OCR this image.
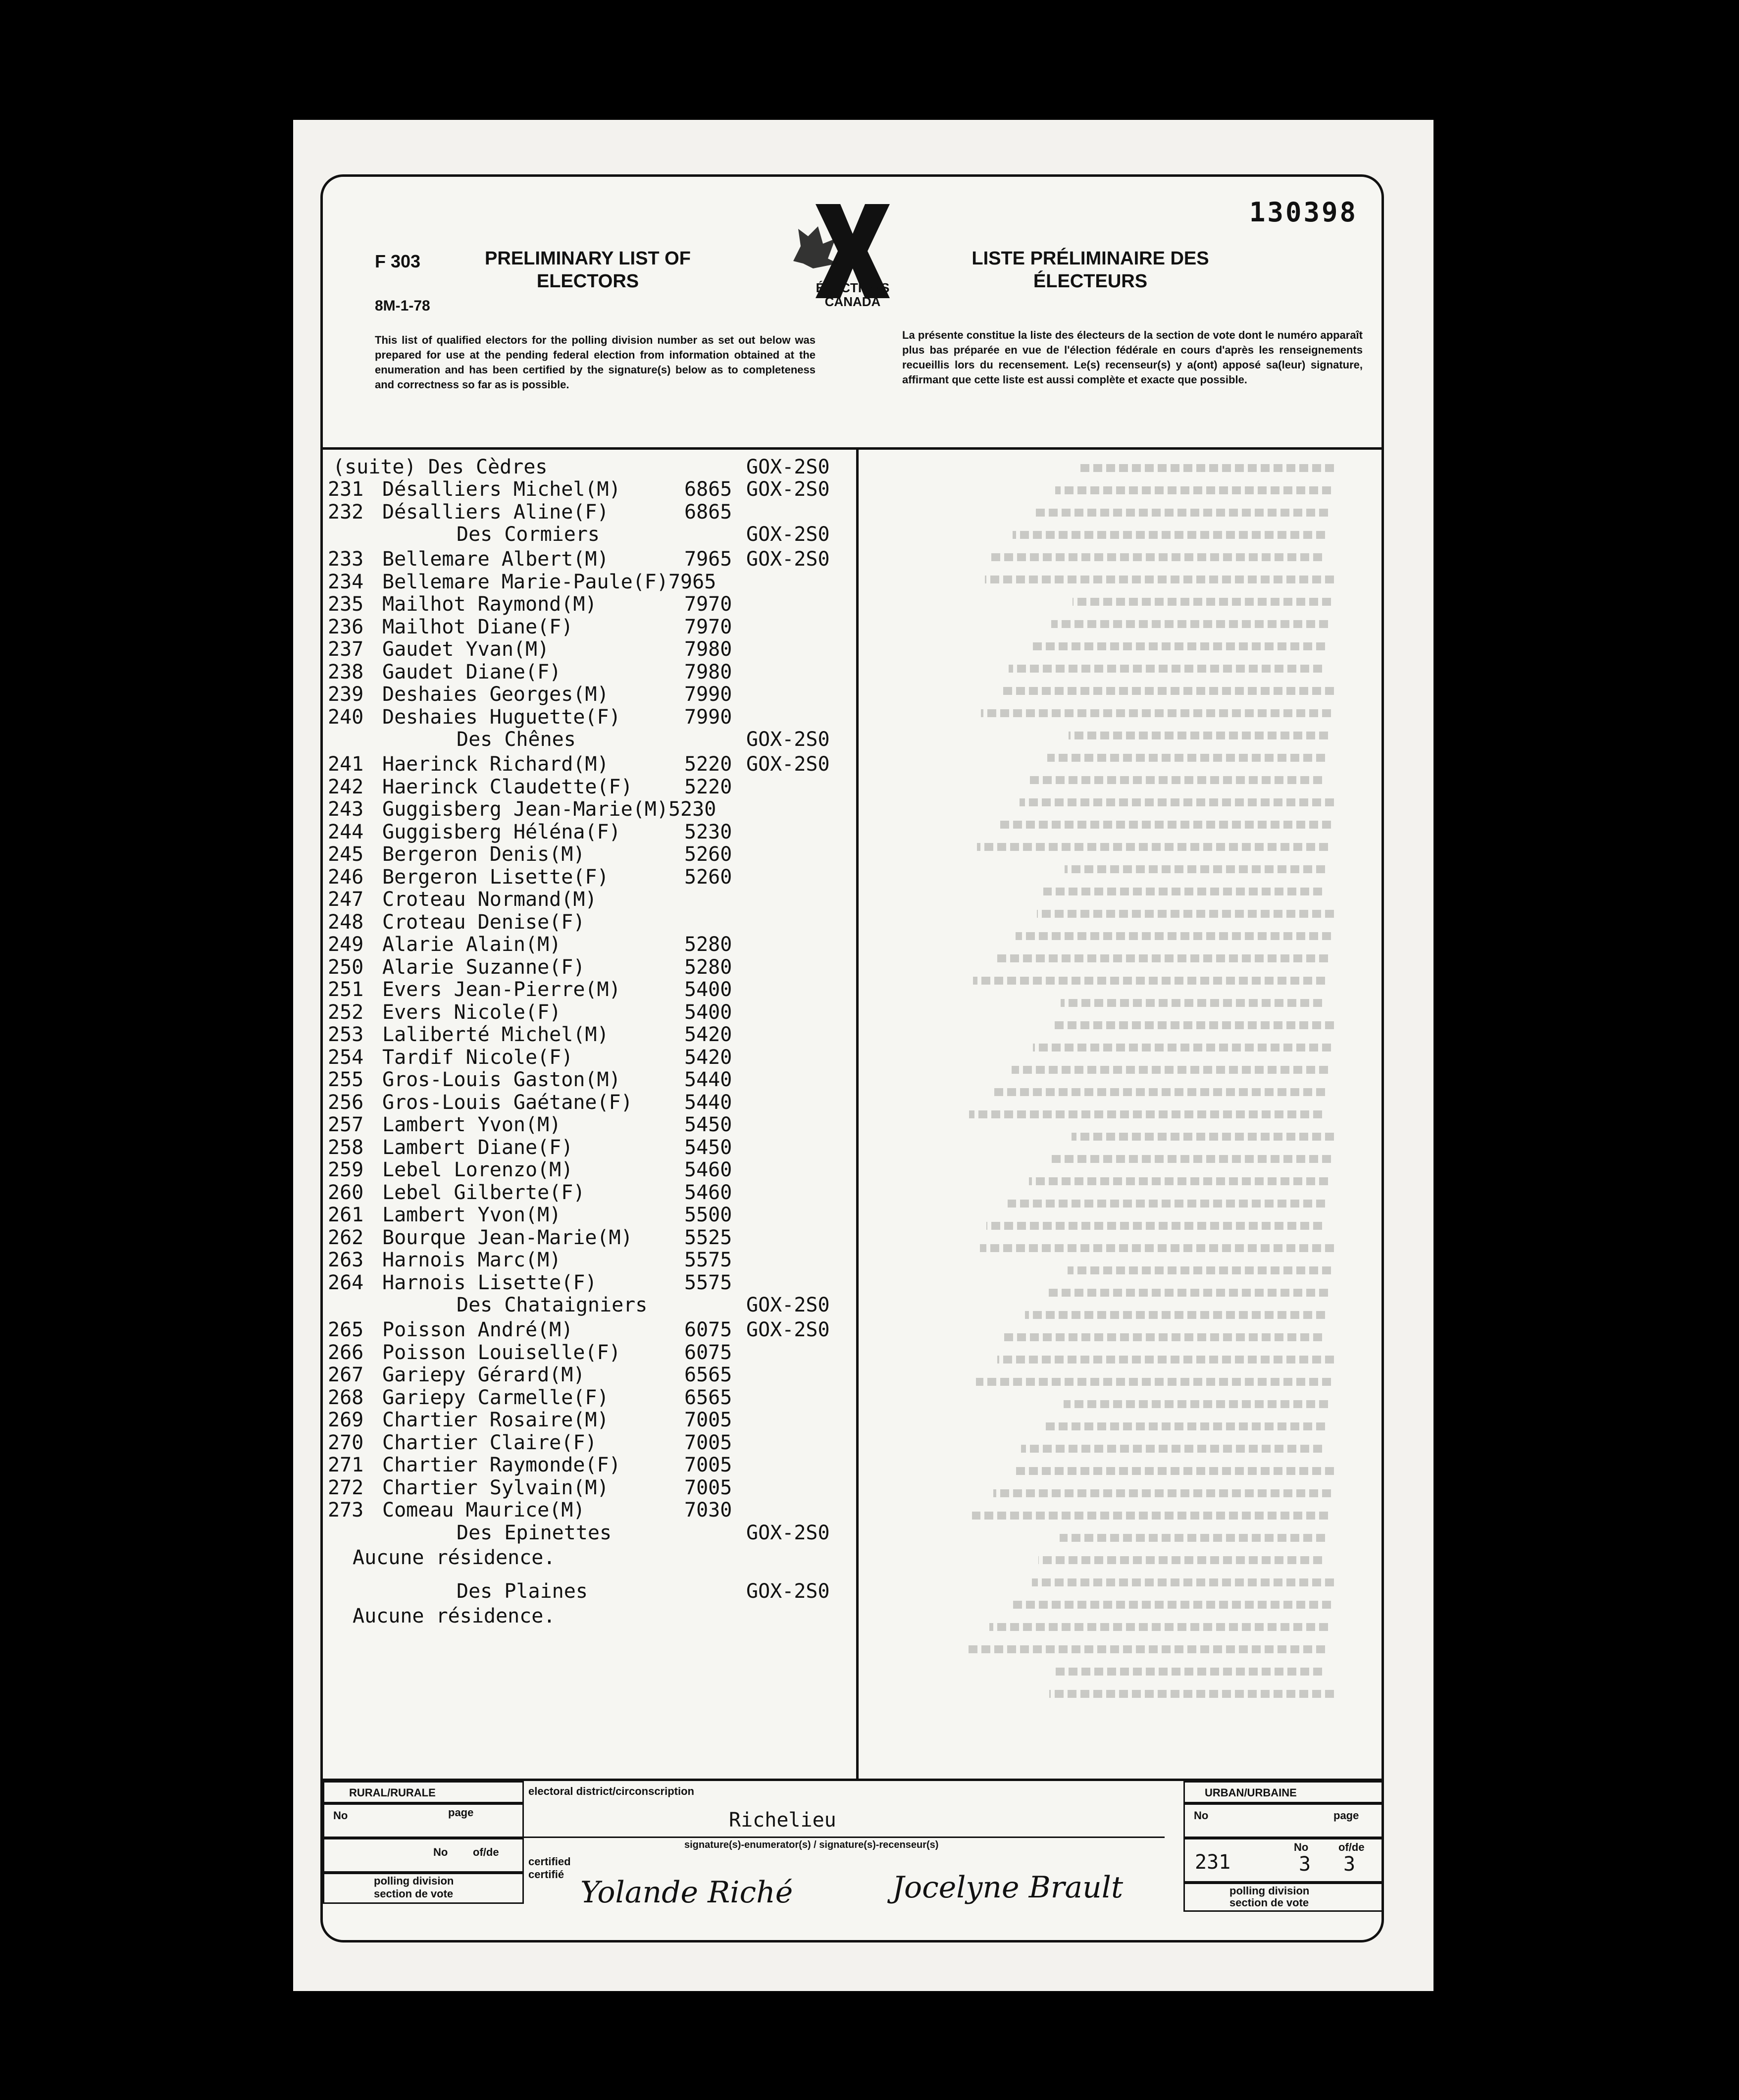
130398
F 303
8M-1-78
PRELIMINARY LIST OF ELECTORS
LISTE PRÉLIMINAIRE DES ÉLECTEURS
ÉLECTIONS
CANADA
This list of qualified electors for the polling division number as set out below was prepared for use at the pending federal election from information obtained at the enumeration and has been certified by the signature(s) below as to completeness and correctness so far as is possible.
La présente constitue la liste des électeurs de la section de vote dont le numéro apparaît plus bas préparée en vue de l'élection fédérale en cours d'après les renseignements recueillis lors du recensement. Le(s) recenseur(s) y a(ont) apposé sa(leur) signature, affirmant que cette liste est aussi complète et exacte que possible.
(suite) Des Cèdres	GOX-2S0
231 Désalliers Michel(M)	6865 GOX-2S0
232 Désalliers Aline(F)	6865
Des Cormiers	GOX-2S0
233 Bellemare Albert(M)	7965 GOX-2S0
234 Bellemare Marie-Paule(F)7965
235 Mailhot Raymond(M)	7970
236 Mailhot Diane(F)	7970
237 Gaudet Yvan(M)	7980
238 Gaudet Diane(F)	7980
239 Deshaies Georges(M)	7990
240 Deshaies Huguette(F)	7990
Des Chênes	GOX-2S0
241 Haerinck Richard(M)	5220 GOX-2S0
242 Haerinck Claudette(F)	5220
243 Guggisberg Jean-Marie(M)5230
244 Guggisberg Héléna(F)	5230
245 Bergeron Denis(M)	5260
246 Bergeron Lisette(F)	5260
247 Croteau Normand(M)
248 Croteau Denise(F)
249 Alarie Alain(M)	5280
250 Alarie Suzanne(F)	5280
251 Evers Jean-Pierre(M)	5400
252 Evers Nicole(F)	5400
253 Laliberté Michel(M)	5420
254 Tardif Nicole(F)	5420
255 Gros-Louis Gaston(M)	5440
256 Gros-Louis Gaétane(F)	5440
257 Lambert Yvon(M)	5450
258 Lambert Diane(F)	5450
259 Lebel Lorenzo(M)	5460
260 Lebel Gilberte(F)	5460
261 Lambert Yvon(M)	5500
262 Bourque Jean-Marie(M)	5525
263 Harnois Marc(M)	5575
264 Harnois Lisette(F)	5575
Des Chataigniers	GOX-2S0
265 Poisson André(M)	6075 GOX-2S0
266 Poisson Louiselle(F)	6075
267 Gariepy Gérard(M)	6565
268 Gariepy Carmelle(F)	6565
269 Chartier Rosaire(M)	7005
270 Chartier Claire(F)	7005
271 Chartier Raymonde(F)	7005
272 Chartier Sylvain(M)	7005
273 Comeau Maurice(M)	7030
Des Epinettes	GOX-2S0
Aucune résidence.
Des Plaines	GOX-2S0
Aucune résidence.
RURAL/RURALE
No	page
No of/de
polling division
section de vote
electoral district/circonscription
Richelieu
signature(s)-enumerator(s) / signature(s)-recenseur(s)
certified
certifié
Yolande Riché	Jocelyne Brault
URBAN/URBAINE
No	page
231
No
3
of/de
3
polling division
section de vote
